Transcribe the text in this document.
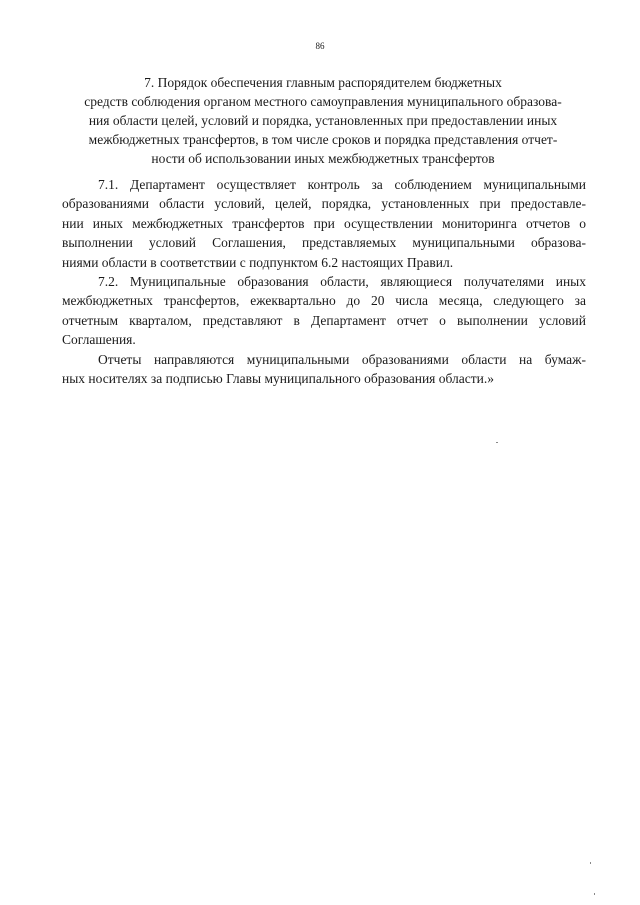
86
7. Порядок обеспечения главным распорядителем бюджетных
средств соблюдения органом местного самоуправления муниципального образова-
ния области целей, условий и порядка, установленных при предоставлении иных
межбюджетных трансфертов, в том числе сроков и порядка представления отчет-
ности об использовании иных межбюджетных трансфертов
7.1. Департамент осуществляет контроль за соблюдением муниципальными
образованиями области условий, целей, порядка, установленных при предоставле-
нии иных межбюджетных трансфертов при осуществлении мониторинга отчетов о
выполнении условий Соглашения, представляемых муниципальными образова-
ниями области в соответствии с подпунктом 6.2 настоящих Правил.
7.2. Муниципальные образования области, являющиеся получателями иных
межбюджетных трансфертов, ежеквартально до 20 числа месяца, следующего за
отчетным кварталом, представляют в Департамент отчет о выполнении условий
Соглашения.
Отчеты направляются муниципальными образованиями области на бумаж-
ных носителях за подписью Главы муниципального образования области.»
